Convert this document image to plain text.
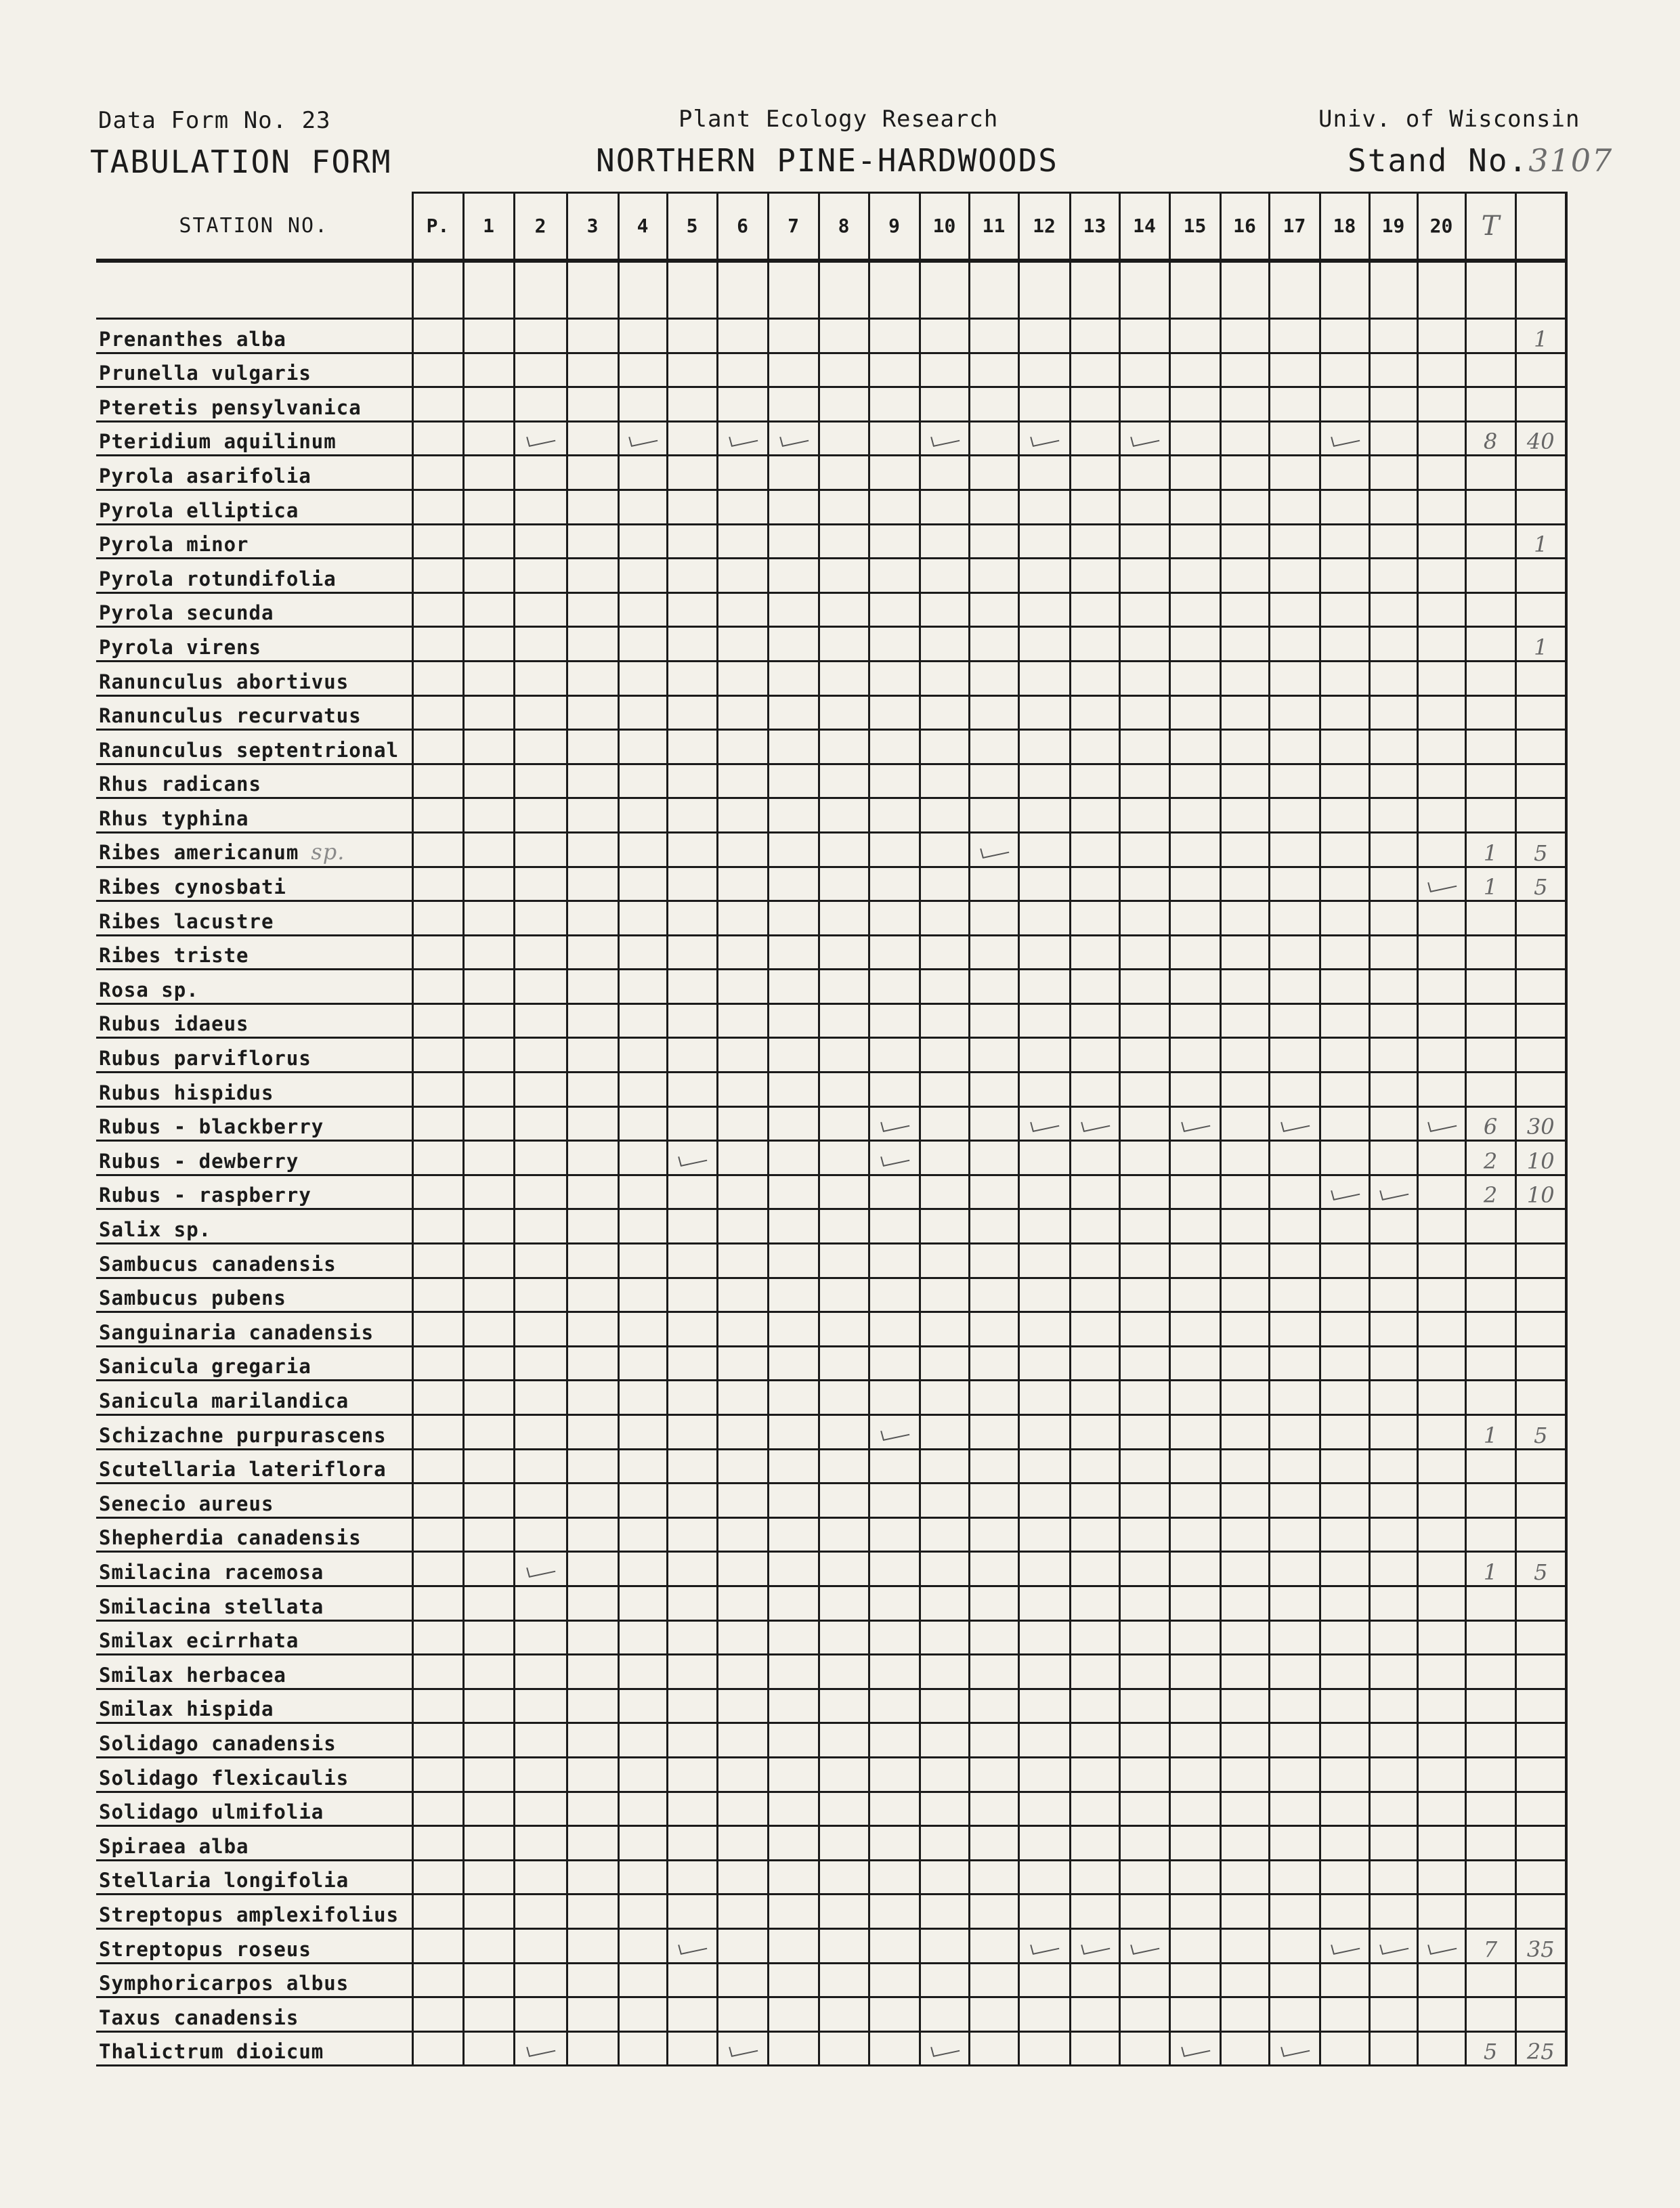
Data Form No. 23	Plant Ecology Research	Univ. of Wisconsin
TABULATION FORM	NORTHERN PINE-HARDWOODS	Stand No.3107
STATION NO.	P.	1	2	3	4	5	6	7	8	9	10	11	12	13	14	15	16	17	18	19	20	T	

Prenanthes alba																							1
Prunella vulgaris																							
Pteretis pensylvanica																							
Pteridium aquilinum																						8	40
Pyrola asarifolia																							
Pyrola elliptica																							
Pyrola minor																							1
Pyrola rotundifolia																							
Pyrola secunda																							
Pyrola virens																							1
Ranunculus abortivus																							
Ranunculus recurvatus																							
Ranunculus septentrional																							
Rhus radicans																							
Rhus typhina																							
Ribes americanum sp.																						1	5
Ribes cynosbati																						1	5
Ribes lacustre																							
Ribes triste																							
Rosa sp.																							
Rubus idaeus																							
Rubus parviflorus																							
Rubus hispidus																							
Rubus - blackberry																						6	30
Rubus - dewberry																						2	10
Rubus - raspberry																						2	10
Salix sp.																							
Sambucus canadensis																							
Sambucus pubens																							
Sanguinaria canadensis																							
Sanicula gregaria																							
Sanicula marilandica																							
Schizachne purpurascens																						1	5
Scutellaria lateriflora																							
Senecio aureus																							
Shepherdia canadensis																							
Smilacina racemosa																						1	5
Smilacina stellata																							
Smilax ecirrhata																							
Smilax herbacea																							
Smilax hispida																							
Solidago canadensis																							
Solidago flexicaulis																							
Solidago ulmifolia																							
Spiraea alba																							
Stellaria longifolia																							
Streptopus amplexifolius																							
Streptopus roseus																						7	35
Symphoricarpos albus																							
Taxus canadensis																							
Thalictrum dioicum																						5	25
